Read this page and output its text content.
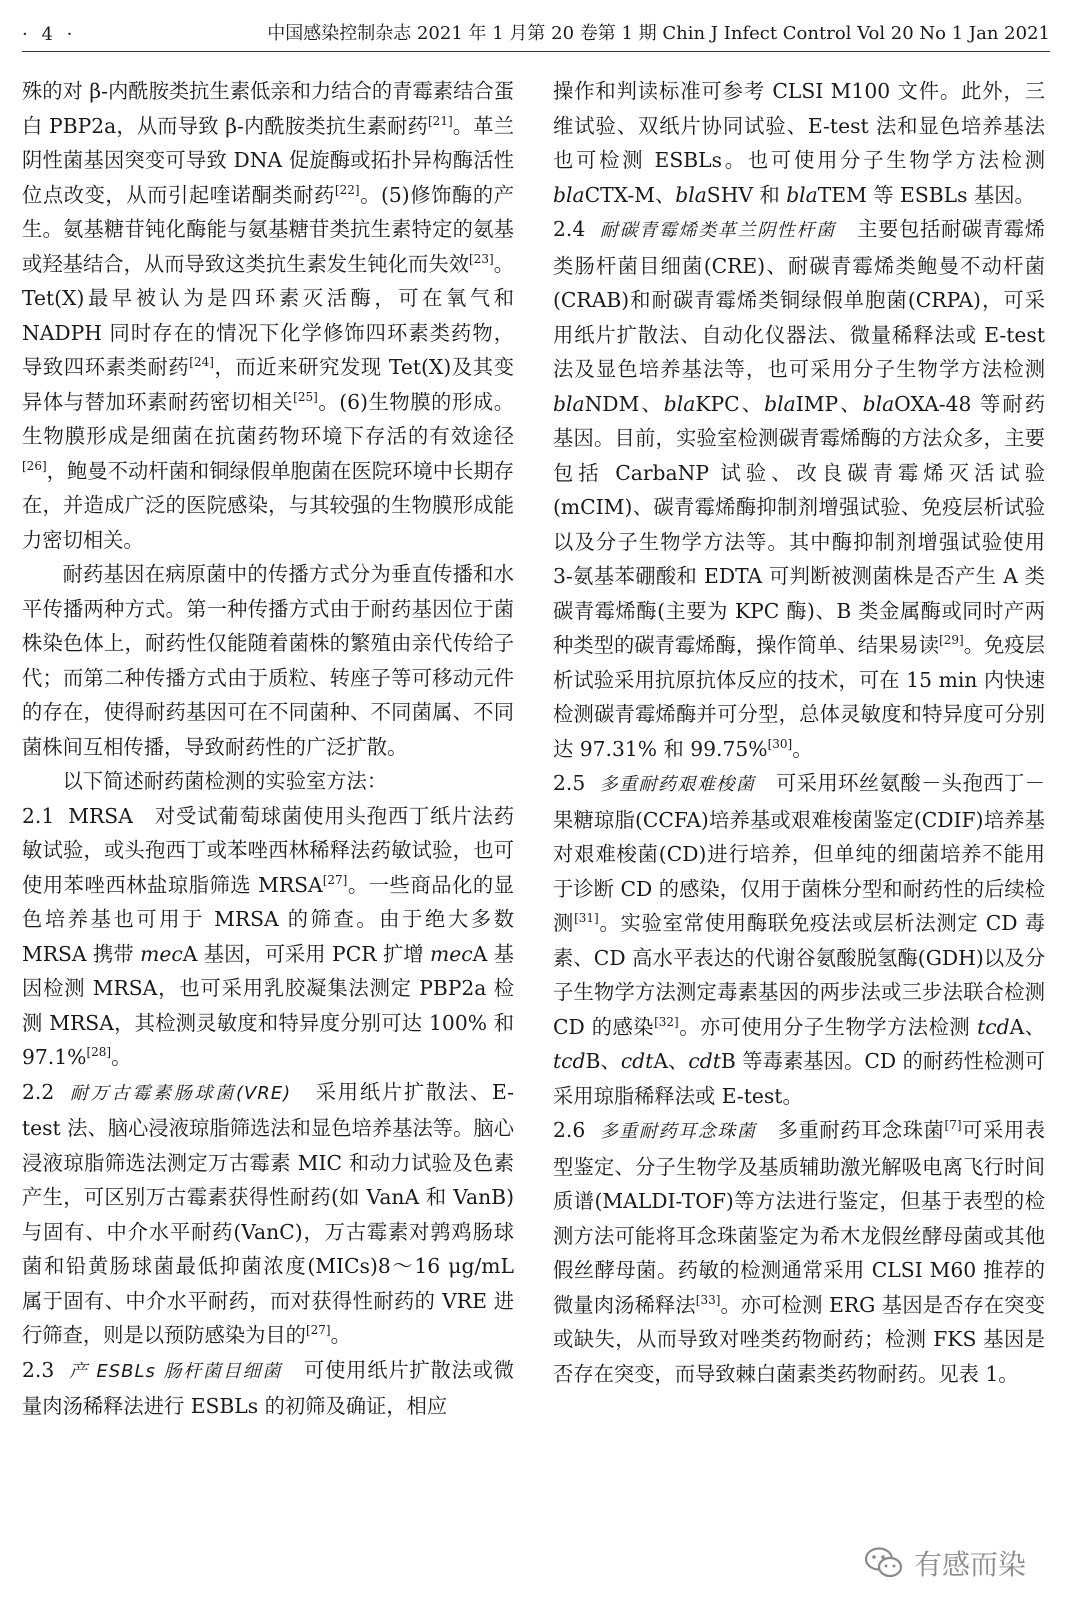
· 4 ·	中国感染控制杂志 2021 年 1 月第 20 卷第 1 期 Chin J Infect Control Vol 20 No 1 Jan 2021

殊的对 β-内酰胺类抗生素低亲和力结合的青霉素结合蛋白 PBP2a，从而导致 β-内酰胺类抗生素耐药[21]。革兰阴性菌基因突变可导致 DNA 促旋酶或拓扑异构酶活性位点改变，从而引起喹诺酮类耐药[22]。(5)修饰酶的产生。氨基糖苷钝化酶能与氨基糖苷类抗生素特定的氨基或羟基结合，从而导致这类抗生素发生钝化而失效[23]。Tet(X)最早被认为是四环素灭活酶，可在氧气和 NADPH 同时存在的情况下化学修饰四环素类药物，导致四环素类耐药[24]，而近来研究发现 Tet(X)及其变异体与替加环素耐药密切相关[25]。(6)生物膜的形成。生物膜形成是细菌在抗菌药物环境下存活的有效途径[26]，鲍曼不动杆菌和铜绿假单胞菌在医院环境中长期存在，并造成广泛的医院感染，与其较强的生物膜形成能力密切相关。

耐药基因在病原菌中的传播方式分为垂直传播和水平传播两种方式。第一种传播方式由于耐药基因位于菌株染色体上，耐药性仅能随着菌株的繁殖由亲代传给子代；而第二种传播方式由于质粒、转座子等可移动元件的存在，使得耐药基因可在不同菌种、不同菌属、不同菌株间互相传播，导致耐药性的广泛扩散。

以下简述耐药菌检测的实验室方法：

2.1 MRSA 对受试葡萄球菌使用头孢西丁纸片法药敏试验，或头孢西丁或苯唑西林稀释法药敏试验，也可使用苯唑西林盐琼脂筛选 MRSA[27]。一些商品化的显色培养基也可用于 MRSA 的筛查。由于绝大多数 MRSA 携带 mecA 基因，可采用 PCR 扩增 mecA 基因检测 MRSA，也可采用乳胶凝集法测定 PBP2a 检测 MRSA，其检测灵敏度和特异度分别可达 100% 和 97.1%[28]。

2.2 耐万古霉素肠球菌(VRE) 采用纸片扩散法、E-test 法、脑心浸液琼脂筛选法和显色培养基法等。脑心浸液琼脂筛选法测定万古霉素 MIC 和动力试验及色素产生，可区别万古霉素获得性耐药(如 VanA 和 VanB)与固有、中介水平耐药(VanC)，万古霉素对鹑鸡肠球菌和铅黄肠球菌最低抑菌浓度(MICs)8～16 μg/mL 属于固有、中介水平耐药，而对获得性耐药的 VRE 进行筛查，则是以预防感染为目的[27]。

2.3 产 ESBLs 肠杆菌目细菌 可使用纸片扩散法或微量肉汤稀释法进行 ESBLs 的初筛及确证，相应

操作和判读标准可参考 CLSI M100 文件。此外，三维试验、双纸片协同试验、E-test 法和显色培养基法也可检测 ESBLs。也可使用分子生物学方法检测 blaCTX-M、blaSHV 和 blaTEM 等 ESBLs 基因。

2.4 耐碳青霉烯类革兰阴性杆菌 主要包括耐碳青霉烯类肠杆菌目细菌(CRE)、耐碳青霉烯类鲍曼不动杆菌(CRAB)和耐碳青霉烯类铜绿假单胞菌(CRPA)，可采用纸片扩散法、自动化仪器法、微量稀释法或 E-test 法及显色培养基法等，也可采用分子生物学方法检测 blaNDM、blaKPC、blaIMP、blaOXA-48 等耐药基因。目前，实验室检测碳青霉烯酶的方法众多，主要包括 CarbaNP 试验、改良碳青霉烯灭活试验(mCIM)、碳青霉烯酶抑制剂增强试验、免疫层析试验以及分子生物学方法等。其中酶抑制剂增强试验使用 3-氨基苯硼酸和 EDTA 可判断被测菌株是否产生 A 类碳青霉烯酶(主要为 KPC 酶)、B 类金属酶或同时产两种类型的碳青霉烯酶，操作简单、结果易读[29]。免疫层析试验采用抗原抗体反应的技术，可在 15 min 内快速检测碳青霉烯酶并可分型，总体灵敏度和特异度可分别达 97.31% 和 99.75%[30]。

2.5 多重耐药艰难梭菌 可采用环丝氨酸－头孢西丁－果糖琼脂(CCFA)培养基或艰难梭菌鉴定(CDIF)培养基对艰难梭菌(CD)进行培养，但单纯的细菌培养不能用于诊断 CD 的感染，仅用于菌株分型和耐药性的后续检测[31]。实验室常使用酶联免疫法或层析法测定 CD 毒素、CD 高水平表达的代谢谷氨酸脱氢酶(GDH)以及分子生物学方法测定毒素基因的两步法或三步法联合检测 CD 的感染[32]。亦可使用分子生物学方法检测 tcdA、tcdB、cdtA、cdtB 等毒素基因。CD 的耐药性检测可采用琼脂稀释法或 E-test。

2.6 多重耐药耳念珠菌 多重耐药耳念珠菌[7]可采用表型鉴定、分子生物学及基质辅助激光解吸电离飞行时间质谱(MALDI-TOF)等方法进行鉴定，但基于表型的检测方法可能将耳念珠菌鉴定为希木龙假丝酵母菌或其他假丝酵母菌。药敏的检测通常采用 CLSI M60 推荐的微量肉汤稀释法[33]。亦可检测 ERG 基因是否存在突变或缺失，从而导致对唑类药物耐药；检测 FKS 基因是否存在突变，而导致棘白菌素类药物耐药。见表 1。

有感而染
